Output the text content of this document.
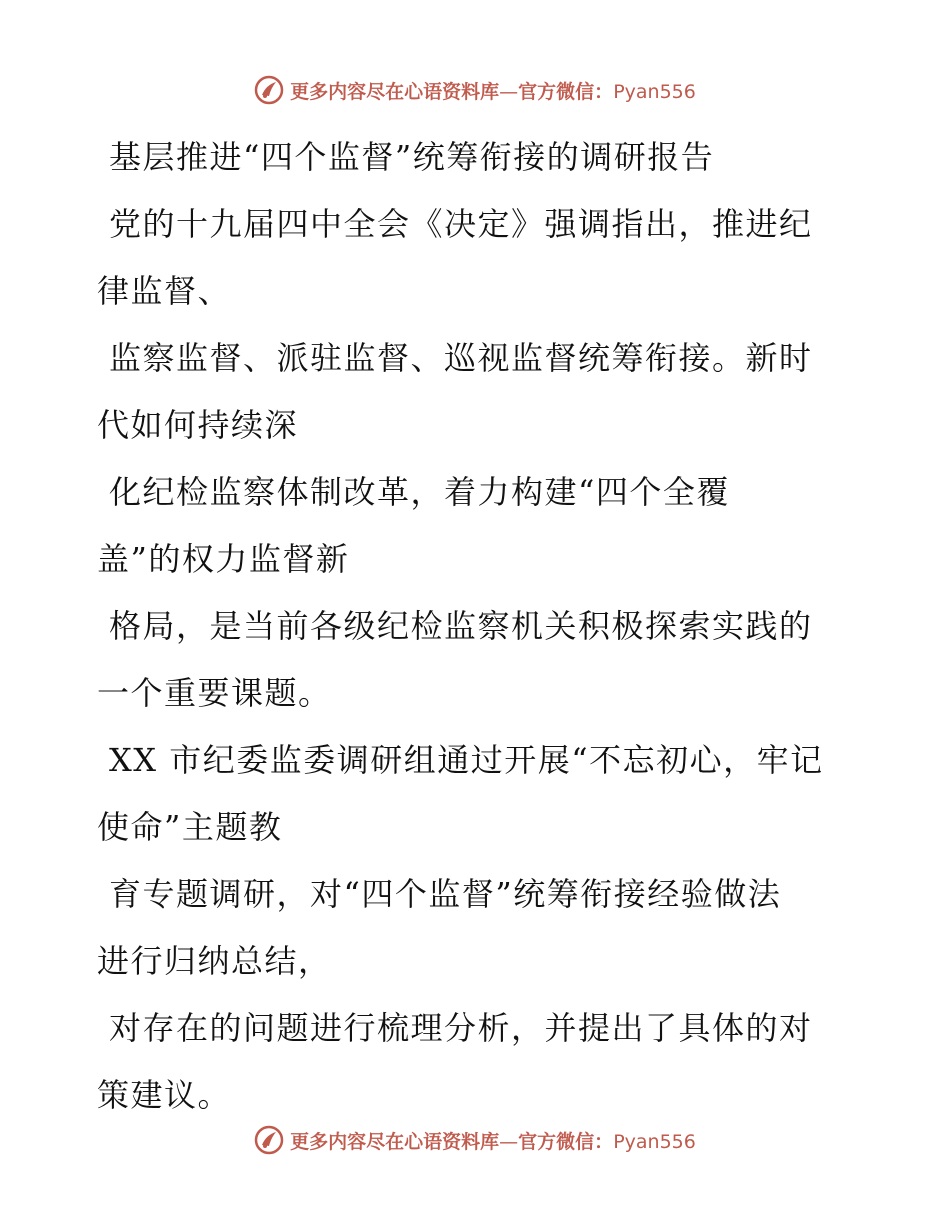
更多内容尽在心语资料库—官方微信：Pyan556

基层推进“四个监督”统筹衔接的调研报告

党的十九届四中全会《决定》强调指出，推进纪
律监督、

监察监督、派驻监督、巡视监督统筹衔接。新时
代如何持续深

化纪检监察体制改革，着力构建“四个全覆
盖”的权力监督新

格局，是当前各级纪检监察机关积极探索实践的
一个重要课题。

XX 市纪委监委调研组通过开展“不忘初心，牢记
使命”主题教

育专题调研，对“四个监督”统筹衔接经验做法
进行归纳总结，

对存在的问题进行梳理分析，并提出了具体的对
策建议。

更多内容尽在心语资料库—官方微信：Pyan556
